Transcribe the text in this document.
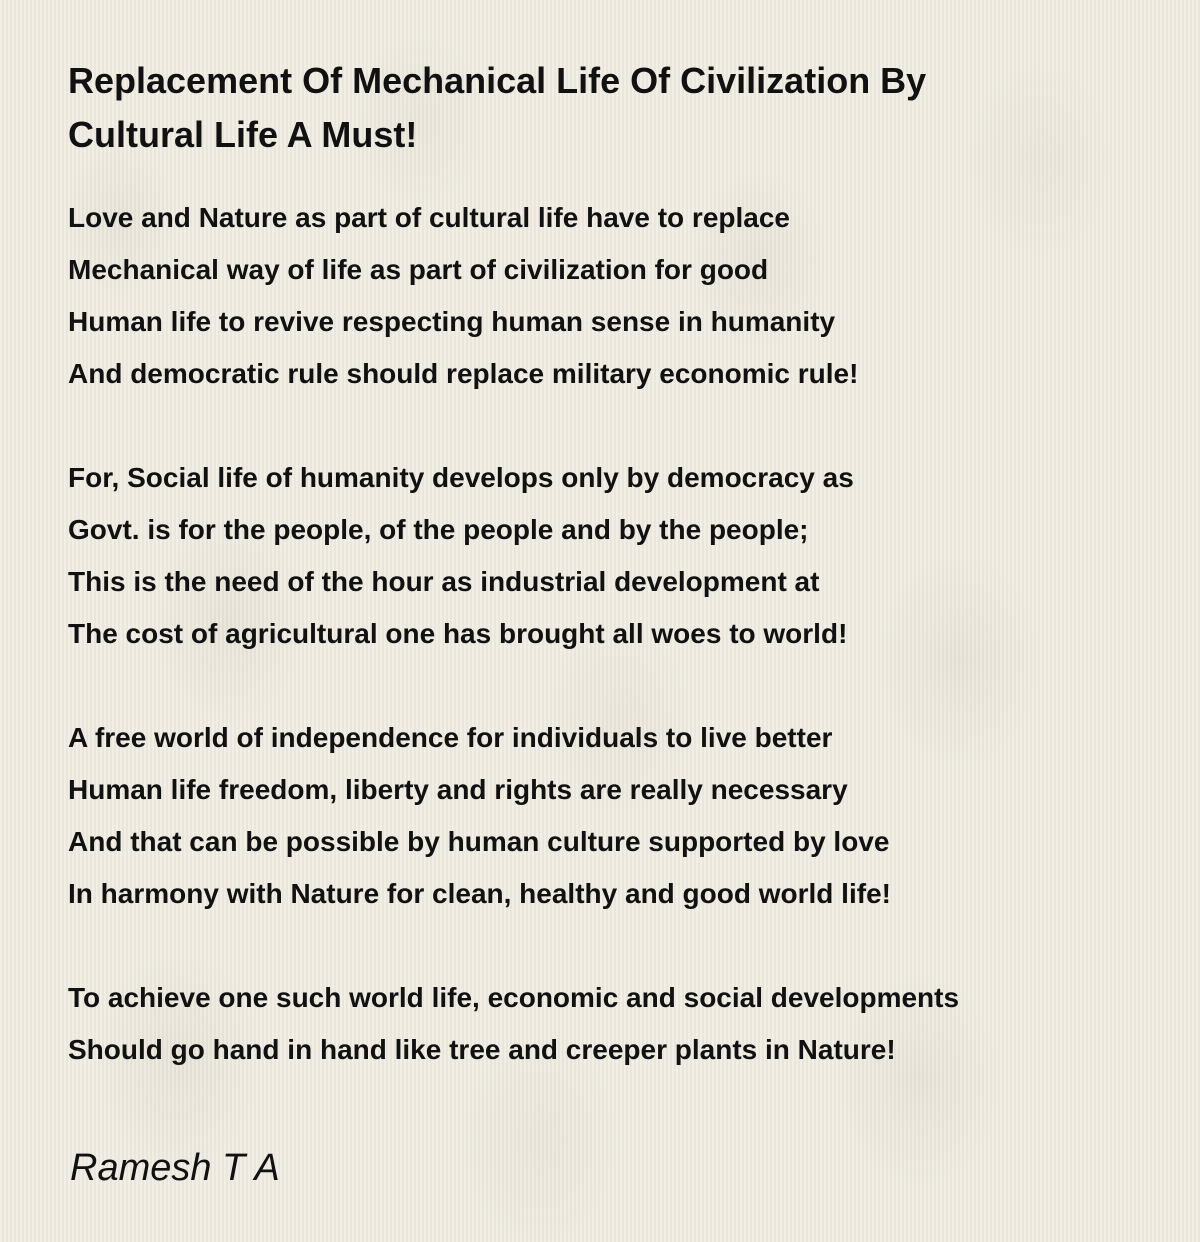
Replacement Of Mechanical Life Of Civilization By Cultural Life A Must!
Love and Nature as part of cultural life have to replace
Mechanical way of life as part of civilization for good
Human life to revive respecting human sense in humanity
And democratic rule should replace military economic rule!
For, Social life of humanity develops only by democracy as
Govt. is for the people, of the people and by the people;
This is the need of the hour as industrial development at
The cost of agricultural one has brought all woes to world!
A free world of independence for individuals to live better
Human life freedom, liberty and rights are really necessary
And that can be possible by human culture supported by love
In harmony with Nature for clean, healthy and good world life!
To achieve one such world life, economic and social developments
Should go hand in hand like tree and creeper plants in Nature!
Ramesh T A
